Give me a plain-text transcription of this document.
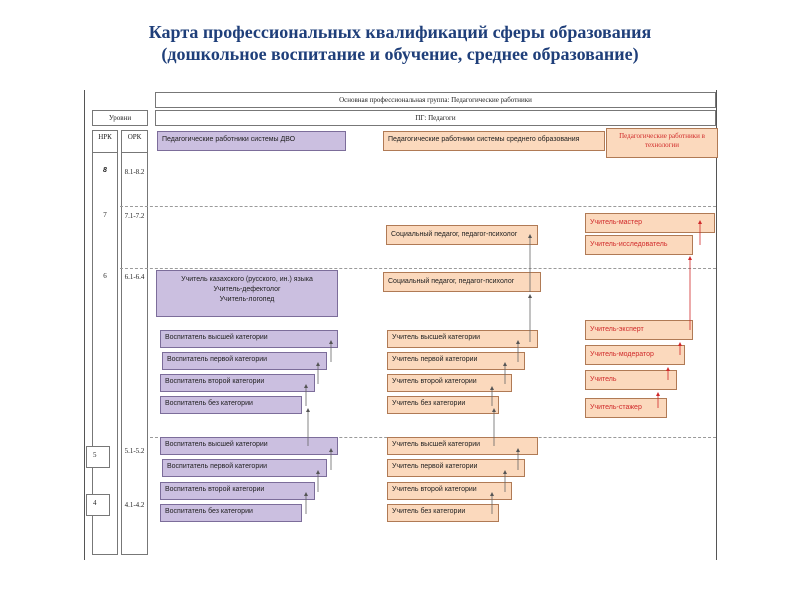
Карта профессиональных квалификаций сферы образования
(дошкольное воспитание и обучение, среднее образование)
Основная профессиональная группа: Педагогические работники
ПГ: Педагоги
Уровни
НРК	ОРК
8	8.1-8.2
7	7.1-7.2
6	6.1-6.4
5	5.1-5.2
4	4.1-4.2
Педагогические работники системы ДВО	Педагогические работники системы среднего образования	Педагогические работники в технологии
Социальный педагог, педагог-психолог
Учитель-мастер
Учитель-исследователь
Учитель казахского (русского, ин.) языка
Учитель-дефектолог
Учитель-логопед
Социальный педагог, педагог-психолог
Воспитатель высшей категории
Воспитатель первой категории
Воспитатель второй категории
Воспитатель без категории
Учитель высшей категории
Учитель первой категории
Учитель второй категории
Учитель без категории
Учитель-эксперт
Учитель-модератор
Учитель
Учитель-стажер
Воспитатель высшей категории
Воспитатель первой категории
Воспитатель второй категории
Воспитатель без категории
Учитель высшей категории
Учитель первой категории
Учитель второй категории
Учитель без категории
